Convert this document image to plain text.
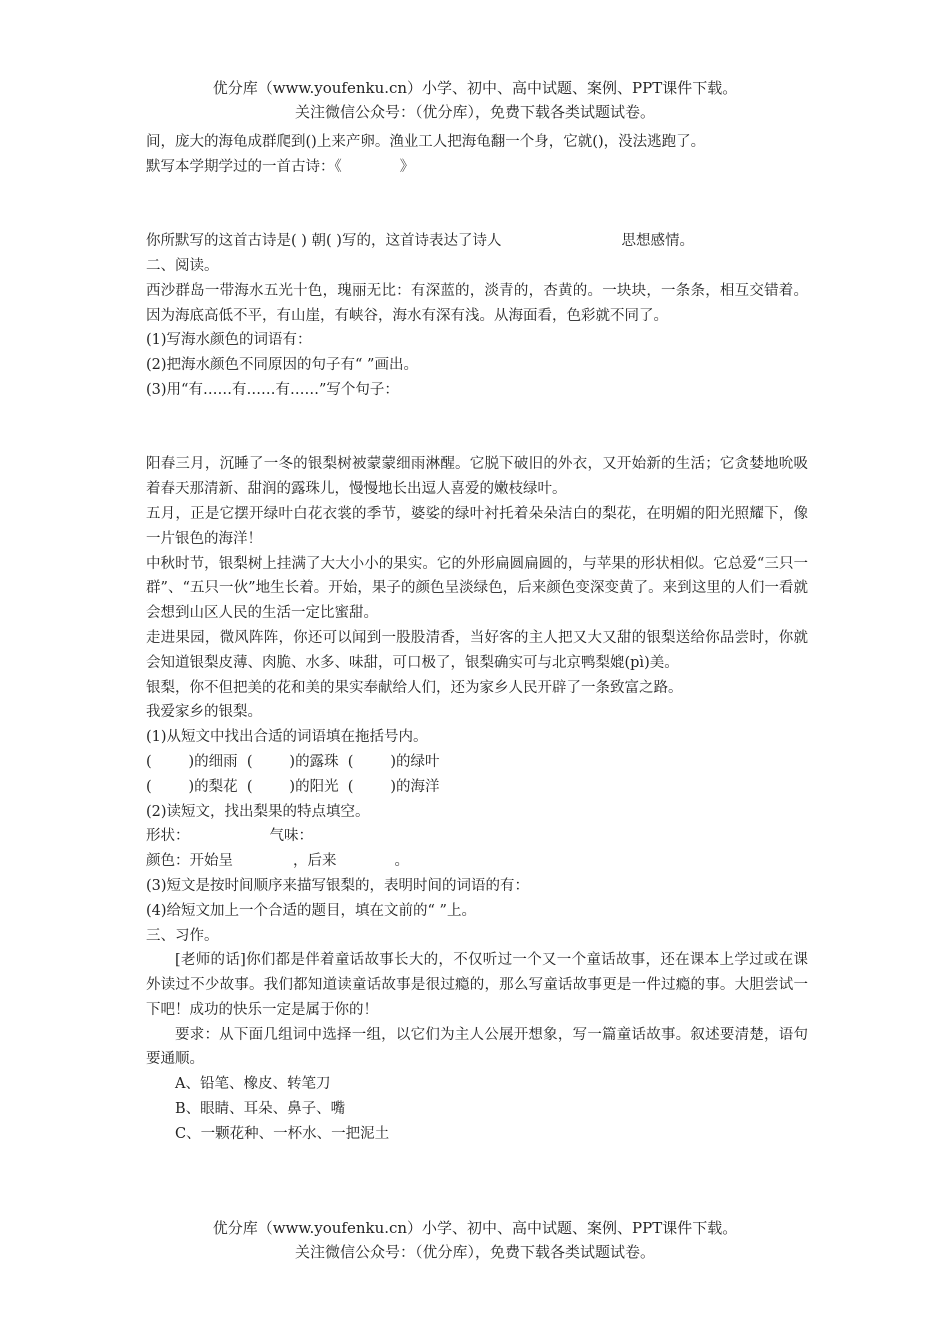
优分库（www.youfenku.cn）小学、初中、高中试题、案例、PPT课件下载。
关注微信公众号：（优分库），免费下载各类试题试卷。
间，庞大的海龟成群爬到()上来产卵。渔业工人把海龟翻一个身，它就()，没法逃跑了。
默写本学期学过的一首古诗：《	》
你所默写的这首古诗是( ) 朝( )写的，这首诗表达了诗人	思想感情。
二、阅读。
西沙群岛一带海水五光十色，瑰丽无比：有深蓝的，淡青的，杏黄的。一块块，一条条，相互交错着。因为海底高低不平，有山崖，有峡谷，海水有深有浅。从海面看，色彩就不同了。
(1)写海水颜色的词语有：
(2)把海水颜色不同原因的句子有“ ”画出。
(3)用“有……有……有……”写个句子：
阳春三月，沉睡了一冬的银梨树被蒙蒙细雨淋醒。它脱下破旧的外衣，又开始新的生活；它贪婪地吮吸着春天那清新、甜润的露珠儿，慢慢地长出逗人喜爱的嫩枝绿叶。
五月，正是它摆开绿叶白花衣裳的季节，婆娑的绿叶衬托着朵朵洁白的梨花，在明媚的阳光照耀下，像一片银色的海洋！
中秋时节，银梨树上挂满了大大小小的果实。它的外形扁圆扁圆的，与苹果的形状相似。它总爱“三只一群”、“五只一伙”地生长着。开始，果子的颜色呈淡绿色，后来颜色变深变黄了。来到这里的人们一看就会想到山区人民的生活一定比蜜甜。
走进果园，微风阵阵，你还可以闻到一股股清香，当好客的主人把又大又甜的银梨送给你品尝时，你就会知道银梨皮薄、肉脆、水多、味甜，可口极了，银梨确实可与北京鸭梨媲(pì)美。
银梨，你不但把美的花和美的果实奉献给人们，还为家乡人民开辟了一条致富之路。
我爱家乡的银梨。
(1)从短文中找出合适的词语填在拖括号内。
(        )的细雨  (        )的露珠  (        )的绿叶
(        )的梨花  (        )的阳光  (        )的海洋
(2)读短文，找出梨果的特点填空。
形状：	气味：
颜色：开始呈	，后来	。
(3)短文是按时间顺序来描写银梨的，表明时间的词语的有：
(4)给短文加上一个合适的题目，填在文前的“ ”上。
三、习作。
[老师的话]你们都是伴着童话故事长大的，不仅听过一个又一个童话故事，还在课本上学过或在课外读过不少故事。我们都知道读童话故事是很过瘾的，那么写童话故事更是一件过瘾的事。大胆尝试一下吧！成功的快乐一定是属于你的！
要求：从下面几组词中选择一组，以它们为主人公展开想象，写一篇童话故事。叙述要清楚，语句要通顺。
A、铅笔、橡皮、转笔刀
B、眼睛、耳朵、鼻子、嘴
C、一颗花种、一杯水、一把泥土
优分库（www.youfenku.cn）小学、初中、高中试题、案例、PPT课件下载。
关注微信公众号：（优分库），免费下载各类试题试卷。
